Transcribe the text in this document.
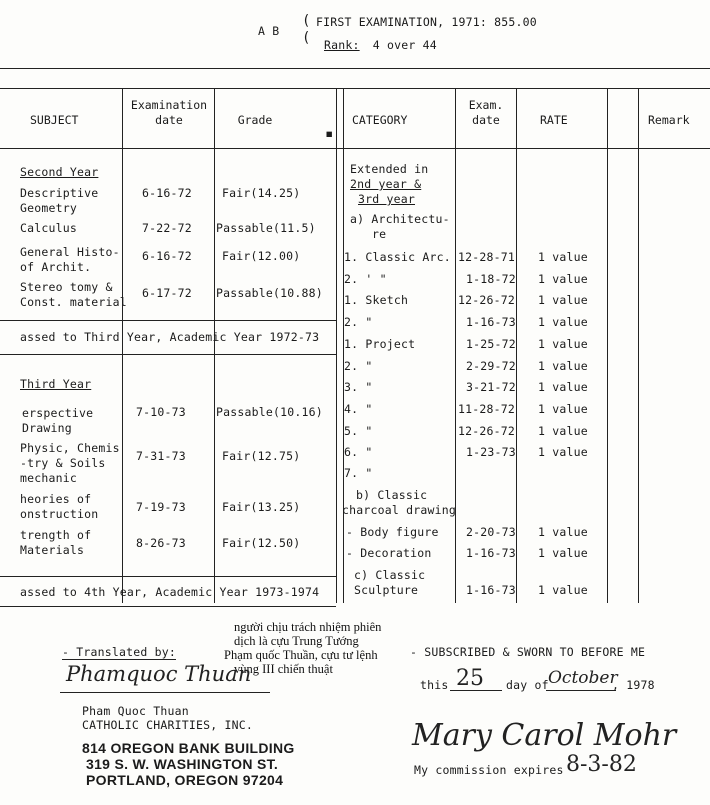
A B
(
(
FIRST EXAMINATION, 1971: 855.00
Rank: 4 over 44
▪
SUBJECT
Examination
date	Grade	CATEGORY
Exam.
date	RATE	Remark
Second Year
Descriptive
Geometry
6-16-72	Fair(14.25)
Calculus	7-22-72 Passable(11.5)
General Histo-
of Archit.
6-16-72	Fair(12.00)
Stereo tomy &
Const. material
6-17-72 Passable(10.88)
assed to Third Year, Academic Year 1972-73
Third Year
erspective
Drawing
7-10-73	Passable(10.16)
Physic, Chemis
-try & Soils
mechanic
7-31-73	Fair(12.75)
heories of
onstruction	7-19-73	Fair(13.25)
trength of
Materials	8-26-73	Fair(12.50)
assed to 4th Year, Academic Year 1973-1974
Extended in
2nd year &
3rd year
a) Architectu-
re
1. Classic Arc. 12-28-71 1 value
2. ' "	1-18-72 1 value
1. Sketch	12-26-72 1 value
2. "	1-16-73 1 value
1. Project	1-25-72 1 value
2. "	2-29-72 1 value
3. "	3-21-72 1 value
4. "	11-28-72 1 value
5. "	12-26-72 1 value
6. "	1-23-73 1 value
7. "
b) Classic
charcoal drawing
- Body figure 2-20-73 1 value
- Decoration	1-16-73 1 value
c) Classic
Sculpture	1-16-73 1 value
người chịu trách nhiệm phiên
dịch là cựu Trung Tướng
Phạm quốc Thuần, cựu tư lệnh
vùng III chiến thuật
- Translated by:
Phamquoc Thuan
Pham Quoc Thuan
CATHOLIC CHARITIES, INC.
814 OREGON BANK BUILDING
319 S. W. WASHINGTON ST.
PORTLAND, OREGON 97204
- SUBSCRIBED & SWORN TO BEFORE ME
this 25 day of October
, 1978
Mary Carol Mohr
My commission expires 8-3-82
